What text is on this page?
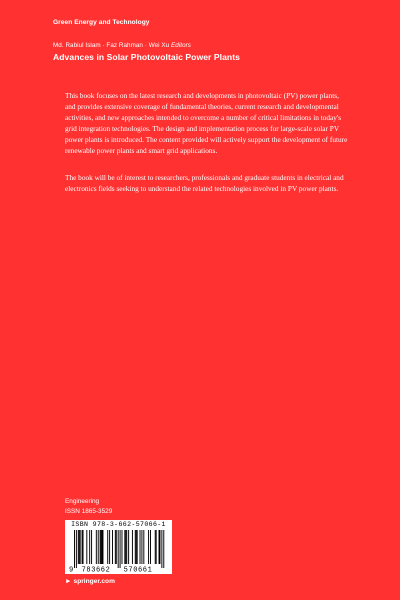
Green Energy and Technology
Md. Rabiul Islam · Faz Rahman · Wei Xu Editors
Advances in Solar Photovoltaic Power Plants

This book focuses on the latest research and developments in photovoltaic (PV) power plants, and provides extensive coverage of fundamental theories, current research and developmental activities, and new approaches intended to overcome a number of critical limitations in today's grid integration technologies. The design and implementation process for large-scale solar PV power plants is introduced. The content provided will actively support the development of future renewable power plants and smart grid applications.

The book will be of interest to researchers, professionals and graduate students in electrical and electronics fields seeking to understand the related technologies involved in PV power plants.

Engineering
ISSN 1865-3529
ISBN 978-3-662-57066-1
9 783662 570661
► springer.com
